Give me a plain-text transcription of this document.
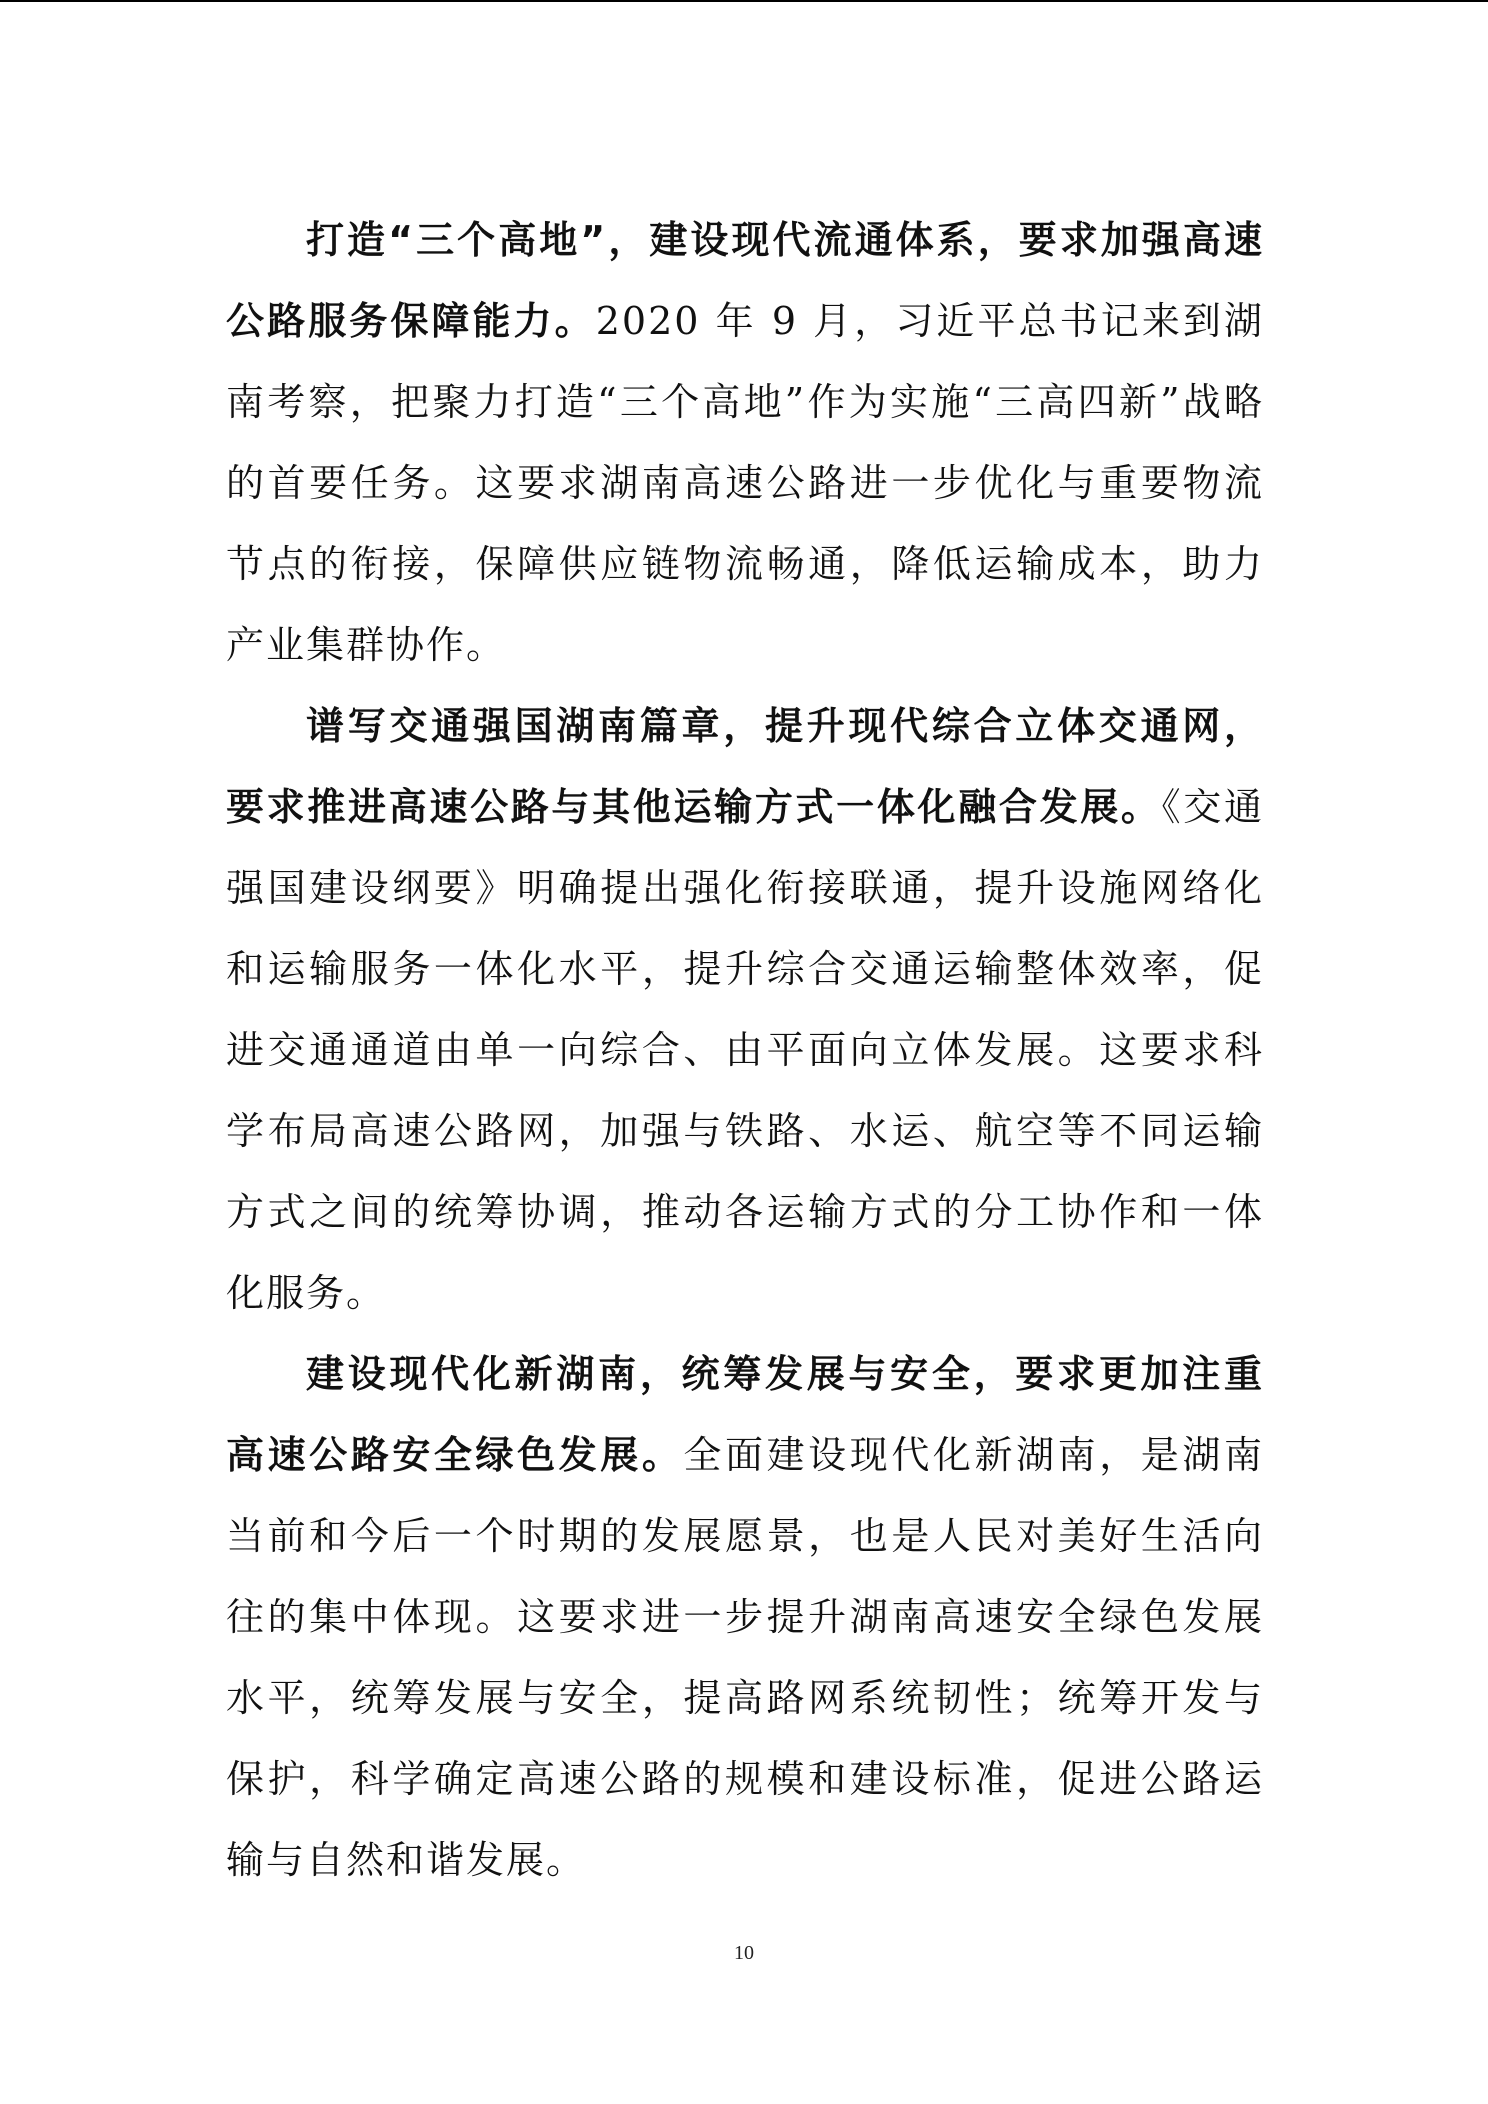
打造“三个高地”，建设现代流通体系，要求加强高速公路服务保障能力。2020 年 9 月，习近平总书记来到湖南考察，把聚力打造“三个高地”作为实施“三高四新”战略的首要任务。这要求湖南高速公路进一步优化与重要物流节点的衔接，保障供应链物流畅通，降低运输成本，助力产业集群协作。

谱写交通强国湖南篇章，提升现代综合立体交通网，要求推进高速公路与其他运输方式一体化融合发展。《交通强国建设纲要》明确提出强化衔接联通，提升设施网络化和运输服务一体化水平，提升综合交通运输整体效率，促进交通通道由单一向综合、由平面向立体发展。这要求科学布局高速公路网，加强与铁路、水运、航空等不同运输方式之间的统筹协调，推动各运输方式的分工协作和一体化服务。

建设现代化新湖南，统筹发展与安全，要求更加注重高速公路安全绿色发展。全面建设现代化新湖南，是湖南当前和今后一个时期的发展愿景，也是人民对美好生活向往的集中体现。这要求进一步提升湖南高速安全绿色发展水平，统筹发展与安全，提高路网系统韧性；统筹开发与保护，科学确定高速公路的规模和建设标准，促进公路运输与自然和谐发展。

10
